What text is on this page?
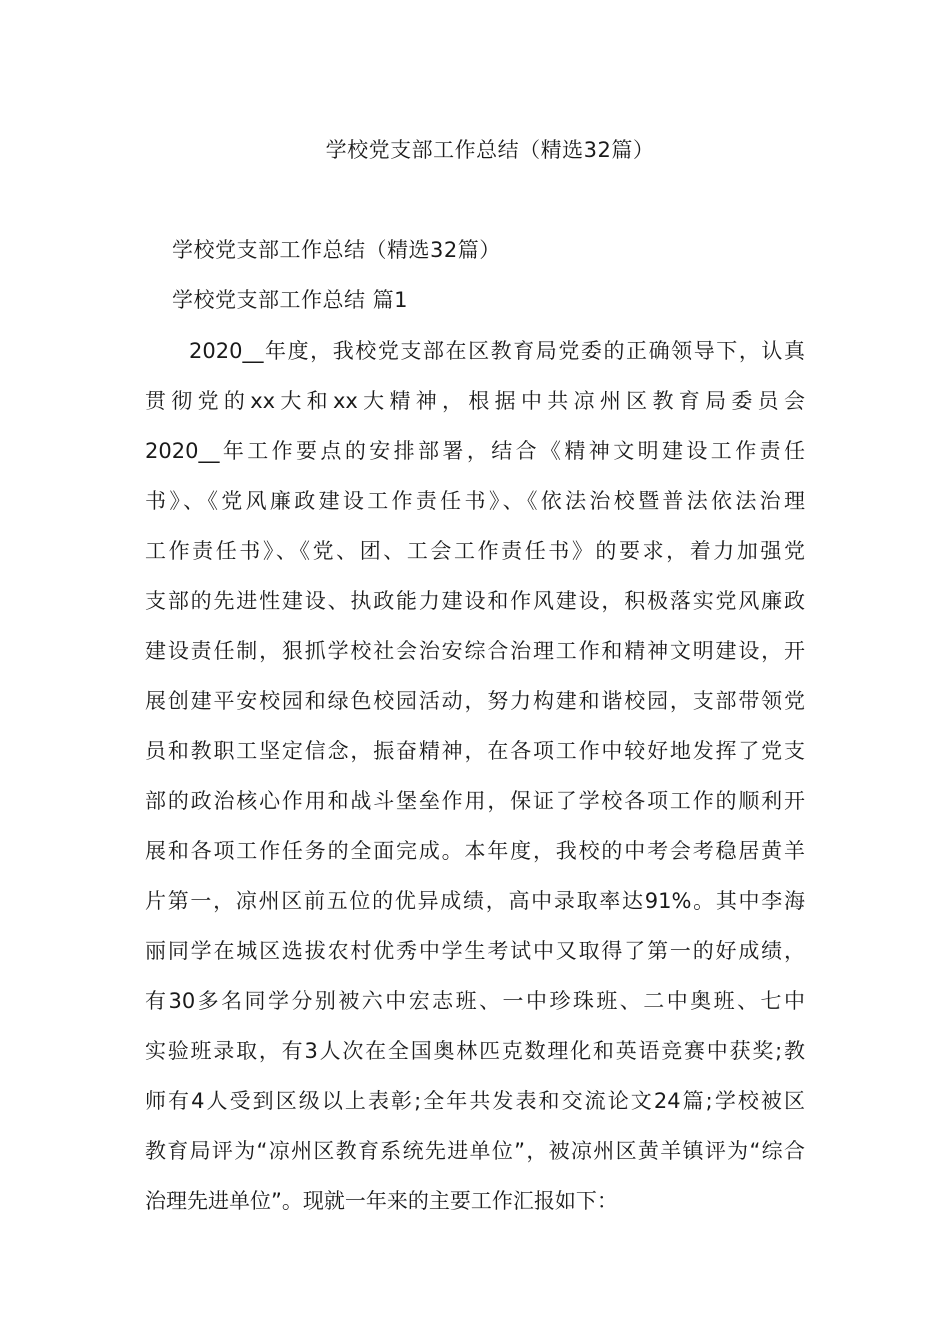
学校党支部工作总结（精选32篇）
学校党支部工作总结（精选32篇）
学校党支部工作总结 篇1
2020__年度，我校党支部在区教育局党委的正确领导下，认真
贯彻党的xx大和xx大精神，根据中共凉州区教育局委员会
2020__年工作要点的安排部署，结合《精神文明建设工作责任
书》、《党风廉政建设工作责任书》、《依法治校暨普法依法治理
工作责任书》、《党、团、工会工作责任书》的要求，着力加强党
支部的先进性建设、执政能力建设和作风建设，积极落实党风廉政
建设责任制，狠抓学校社会治安综合治理工作和精神文明建设，开
展创建平安校园和绿色校园活动，努力构建和谐校园，支部带领党
员和教职工坚定信念，振奋精神，在各项工作中较好地发挥了党支
部的政治核心作用和战斗堡垒作用，保证了学校各项工作的顺利开
展和各项工作任务的全面完成。本年度，我校的中考会考稳居黄羊
片第一，凉州区前五位的优异成绩，高中录取率达91%。其中李海
丽同学在城区选拔农村优秀中学生考试中又取得了第一的好成绩，
有30多名同学分别被六中宏志班、一中珍珠班、二中奥班、七中
实验班录取，有3人次在全国奥林匹克数理化和英语竞赛中获奖;教
师有4人受到区级以上表彰;全年共发表和交流论文24篇;学校被区
教育局评为“凉州区教育系统先进单位”，被凉州区黄羊镇评为“综合
治理先进单位”。现就一年来的主要工作汇报如下：
